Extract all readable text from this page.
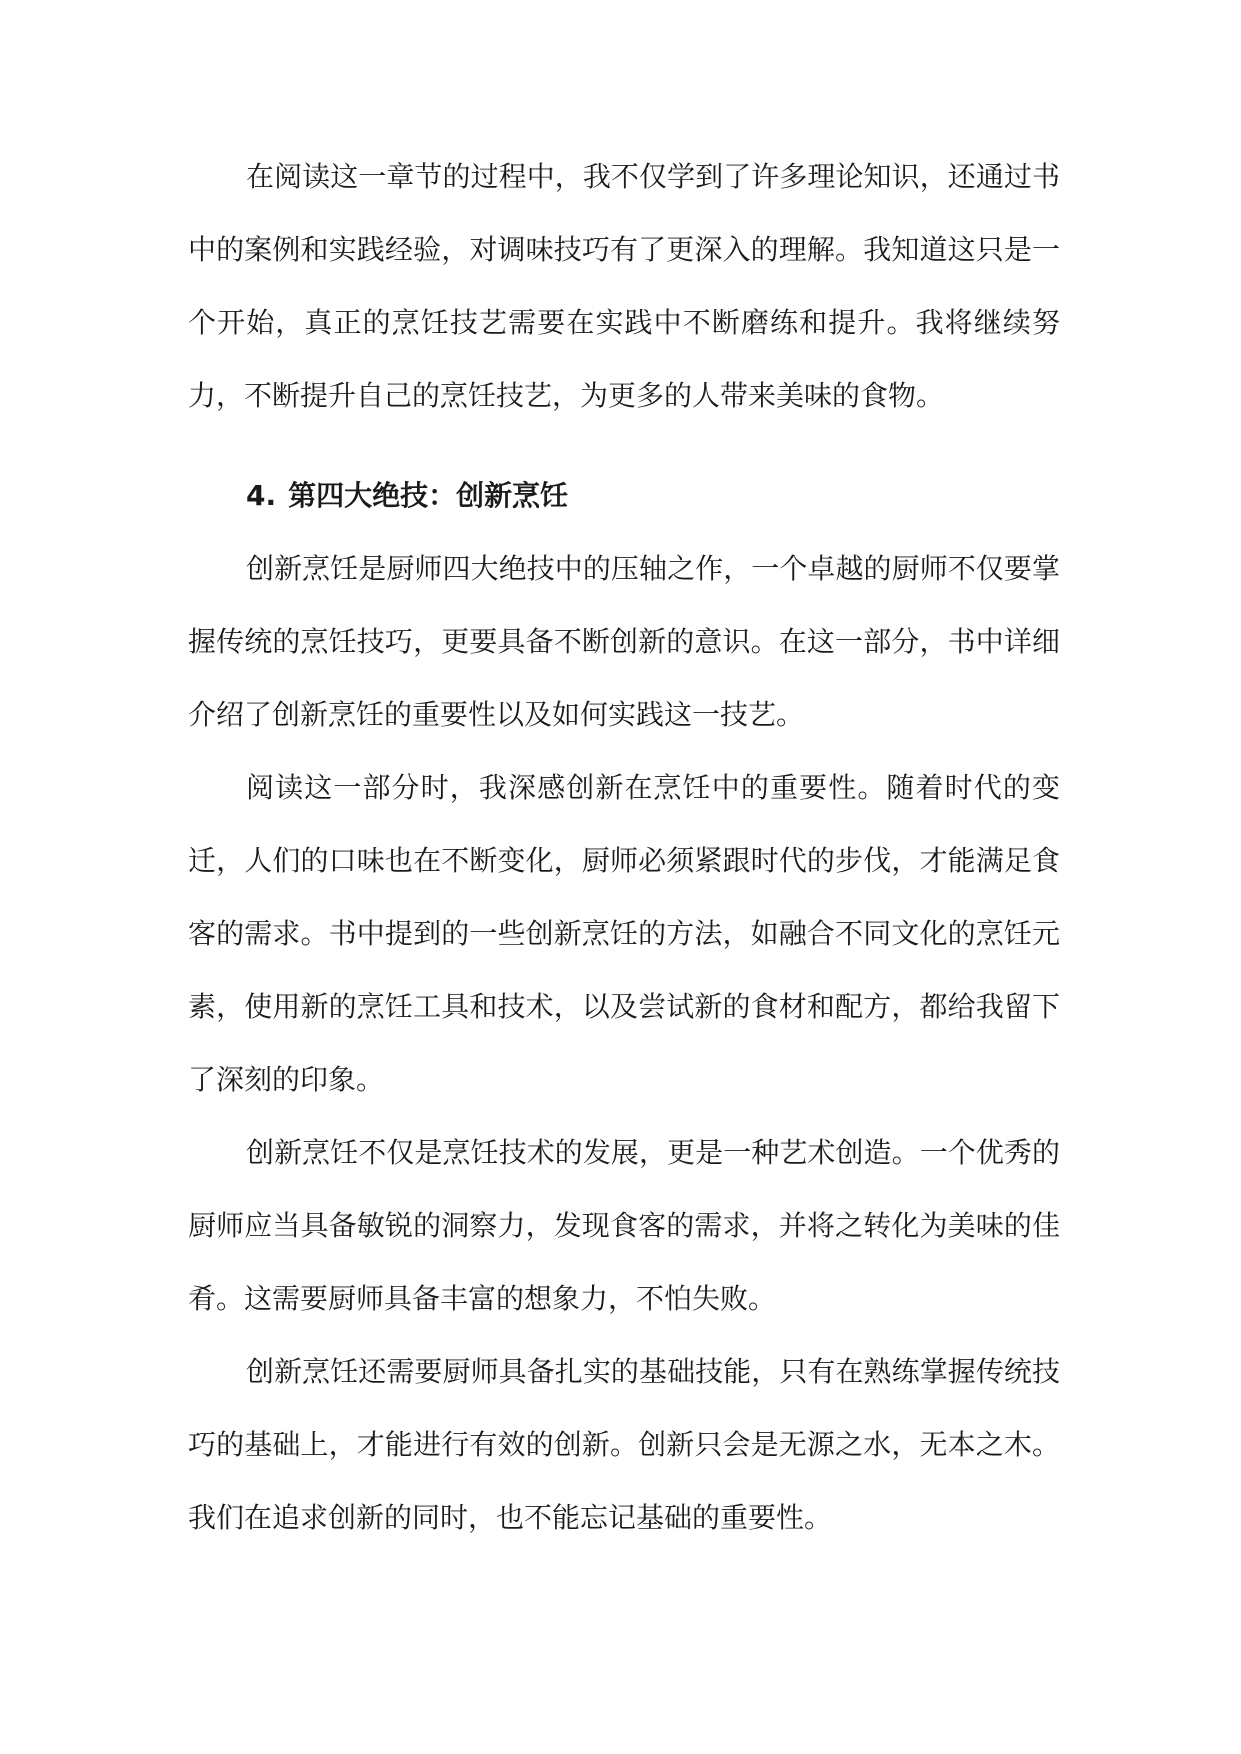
在阅读这一章节的过程中，我不仅学到了许多理论知识，还通过书中的案例和实践经验，对调味技巧有了更深入的理解。我知道这只是一个开始，真正的烹饪技艺需要在实践中不断磨练和提升。我将继续努力，不断提升自己的烹饪技艺，为更多的人带来美味的食物。

4. 第四大绝技：创新烹饪

创新烹饪是厨师四大绝技中的压轴之作，一个卓越的厨师不仅要掌握传统的烹饪技巧，更要具备不断创新的意识。在这一部分，书中详细介绍了创新烹饪的重要性以及如何实践这一技艺。

阅读这一部分时，我深感创新在烹饪中的重要性。随着时代的变迁，人们的口味也在不断变化，厨师必须紧跟时代的步伐，才能满足食客的需求。书中提到的一些创新烹饪的方法，如融合不同文化的烹饪元素，使用新的烹饪工具和技术，以及尝试新的食材和配方，都给我留下了深刻的印象。

创新烹饪不仅是烹饪技术的发展，更是一种艺术创造。一个优秀的厨师应当具备敏锐的洞察力，发现食客的需求，并将之转化为美味的佳肴。这需要厨师具备丰富的想象力，不怕失败。

创新烹饪还需要厨师具备扎实的基础技能，只有在熟练掌握传统技巧的基础上，才能进行有效的创新。创新只会是无源之水，无本之木。我们在追求创新的同时，也不能忘记基础的重要性。
